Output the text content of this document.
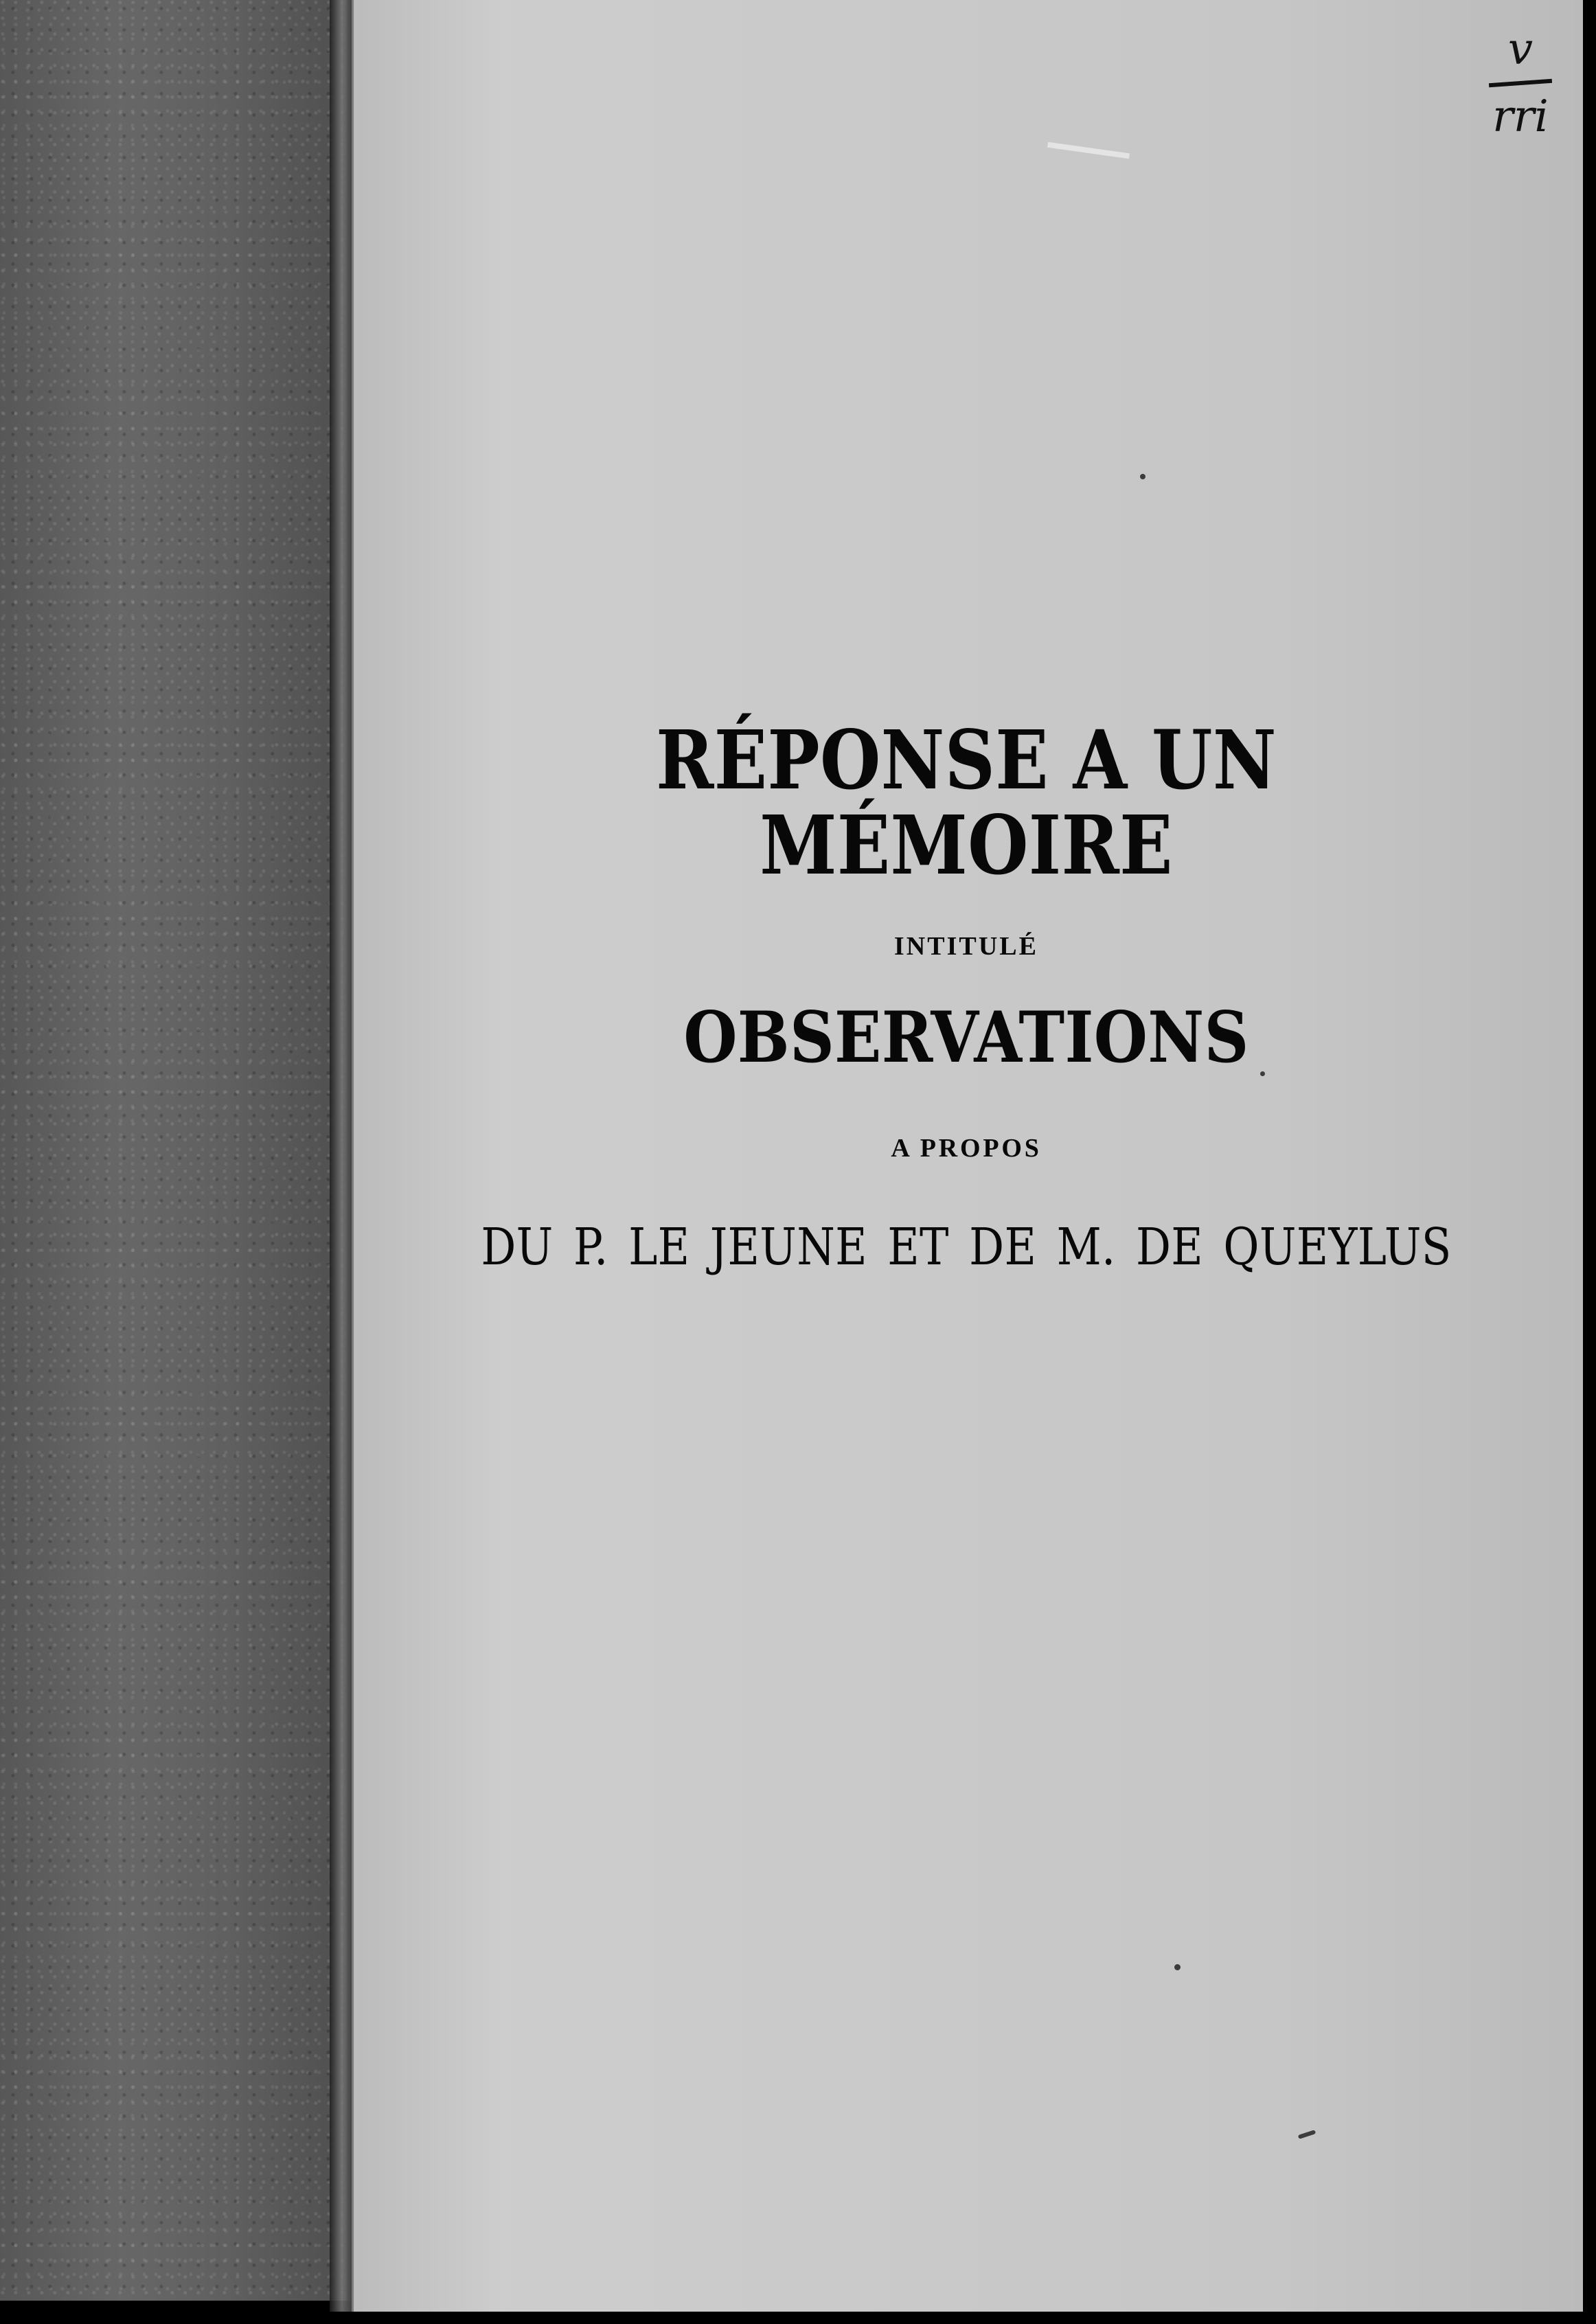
v
rri
RÉPONSE A UN MÉMOIRE

INTITULÉ

OBSERVATIONS

A PROPOS

DU P. LE JEUNE ET DE M. DE QUEYLUS
